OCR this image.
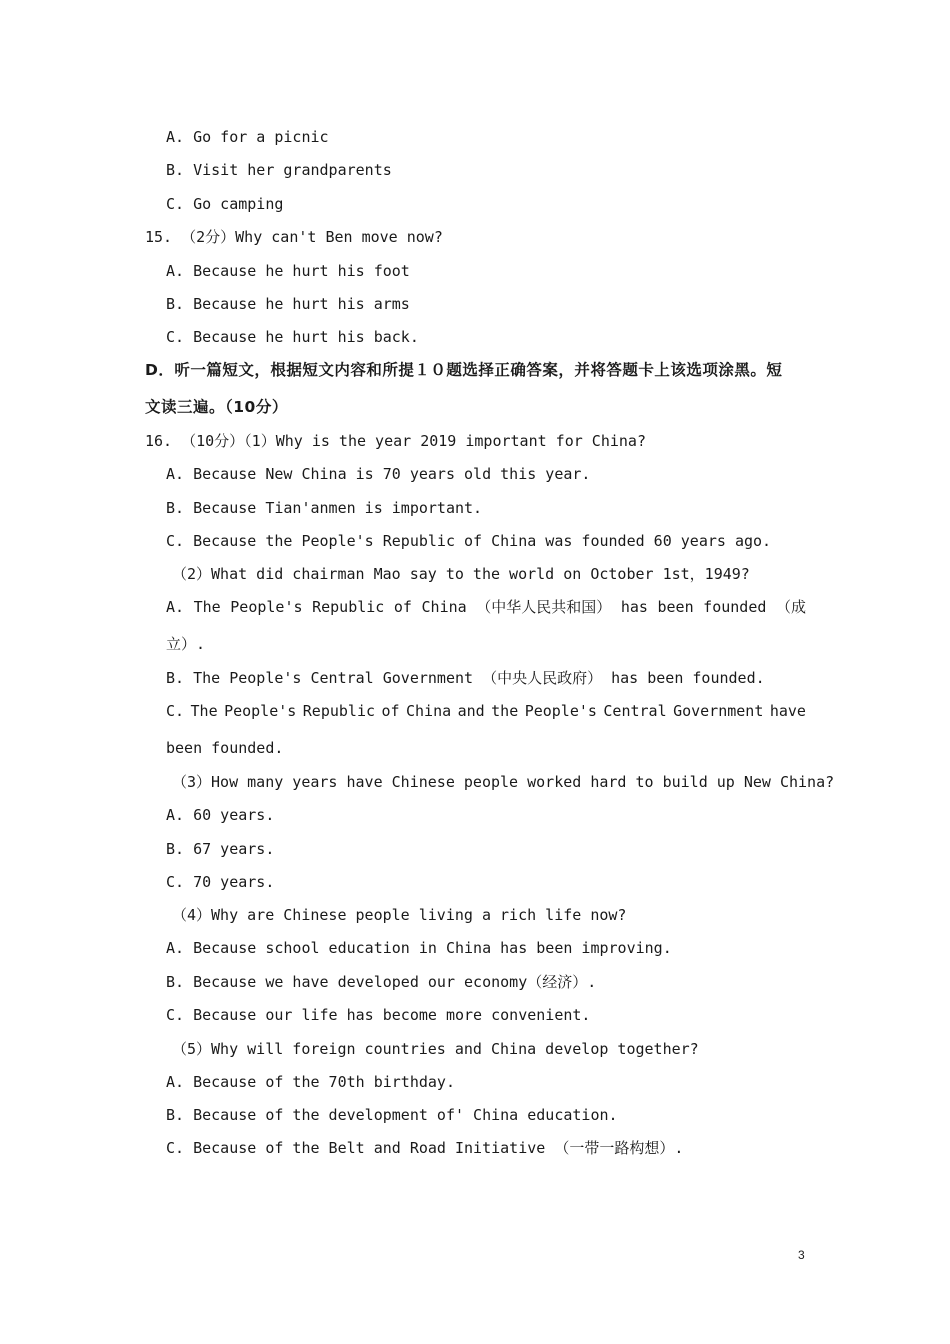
A. Go for a picnic
B. Visit her grandparents
C. Go camping
15. （2分）Why can't Ben move now?
A. Because he hurt his foot
B. Because he hurt his arms
C. Because he hurt his back.
D．听一篇短文，根据短文内容和所提１０题选择正确答案，并将答题卡上该选项涂黑。短
文读三遍。（10分）
16. （10分）（1）Why is the year 2019 important for China?
A. Because New China is 70 years old this year.
B. Because Tian'anmen is important.
C. Because the People's Republic of China was founded 60 years ago.
（2）What did chairman Mao say to the world on October 1st，1949?
A. The People's Republic of China （中华人民共和国） has been founded （成
立）.
B. The People's Central Government （中央人民政府） has been founded.
C. The People's Republic of China and the People's Central Government have
been founded.
（3）How many years have Chinese people worked hard to build up New China?
A. 60 years.
B. 67 years.
C. 70 years.
（4）Why are Chinese people living a rich life now?
A. Because school education in China has been improving.
B. Because we have developed our economy（经济）.
C. Because our life has become more convenient.
（5）Why will foreign countries and China develop together?
A. Because of the 70th birthday.
B. Because of the development of' China education.
C. Because of the Belt and Road Initiative （一带一路构想）.
3
